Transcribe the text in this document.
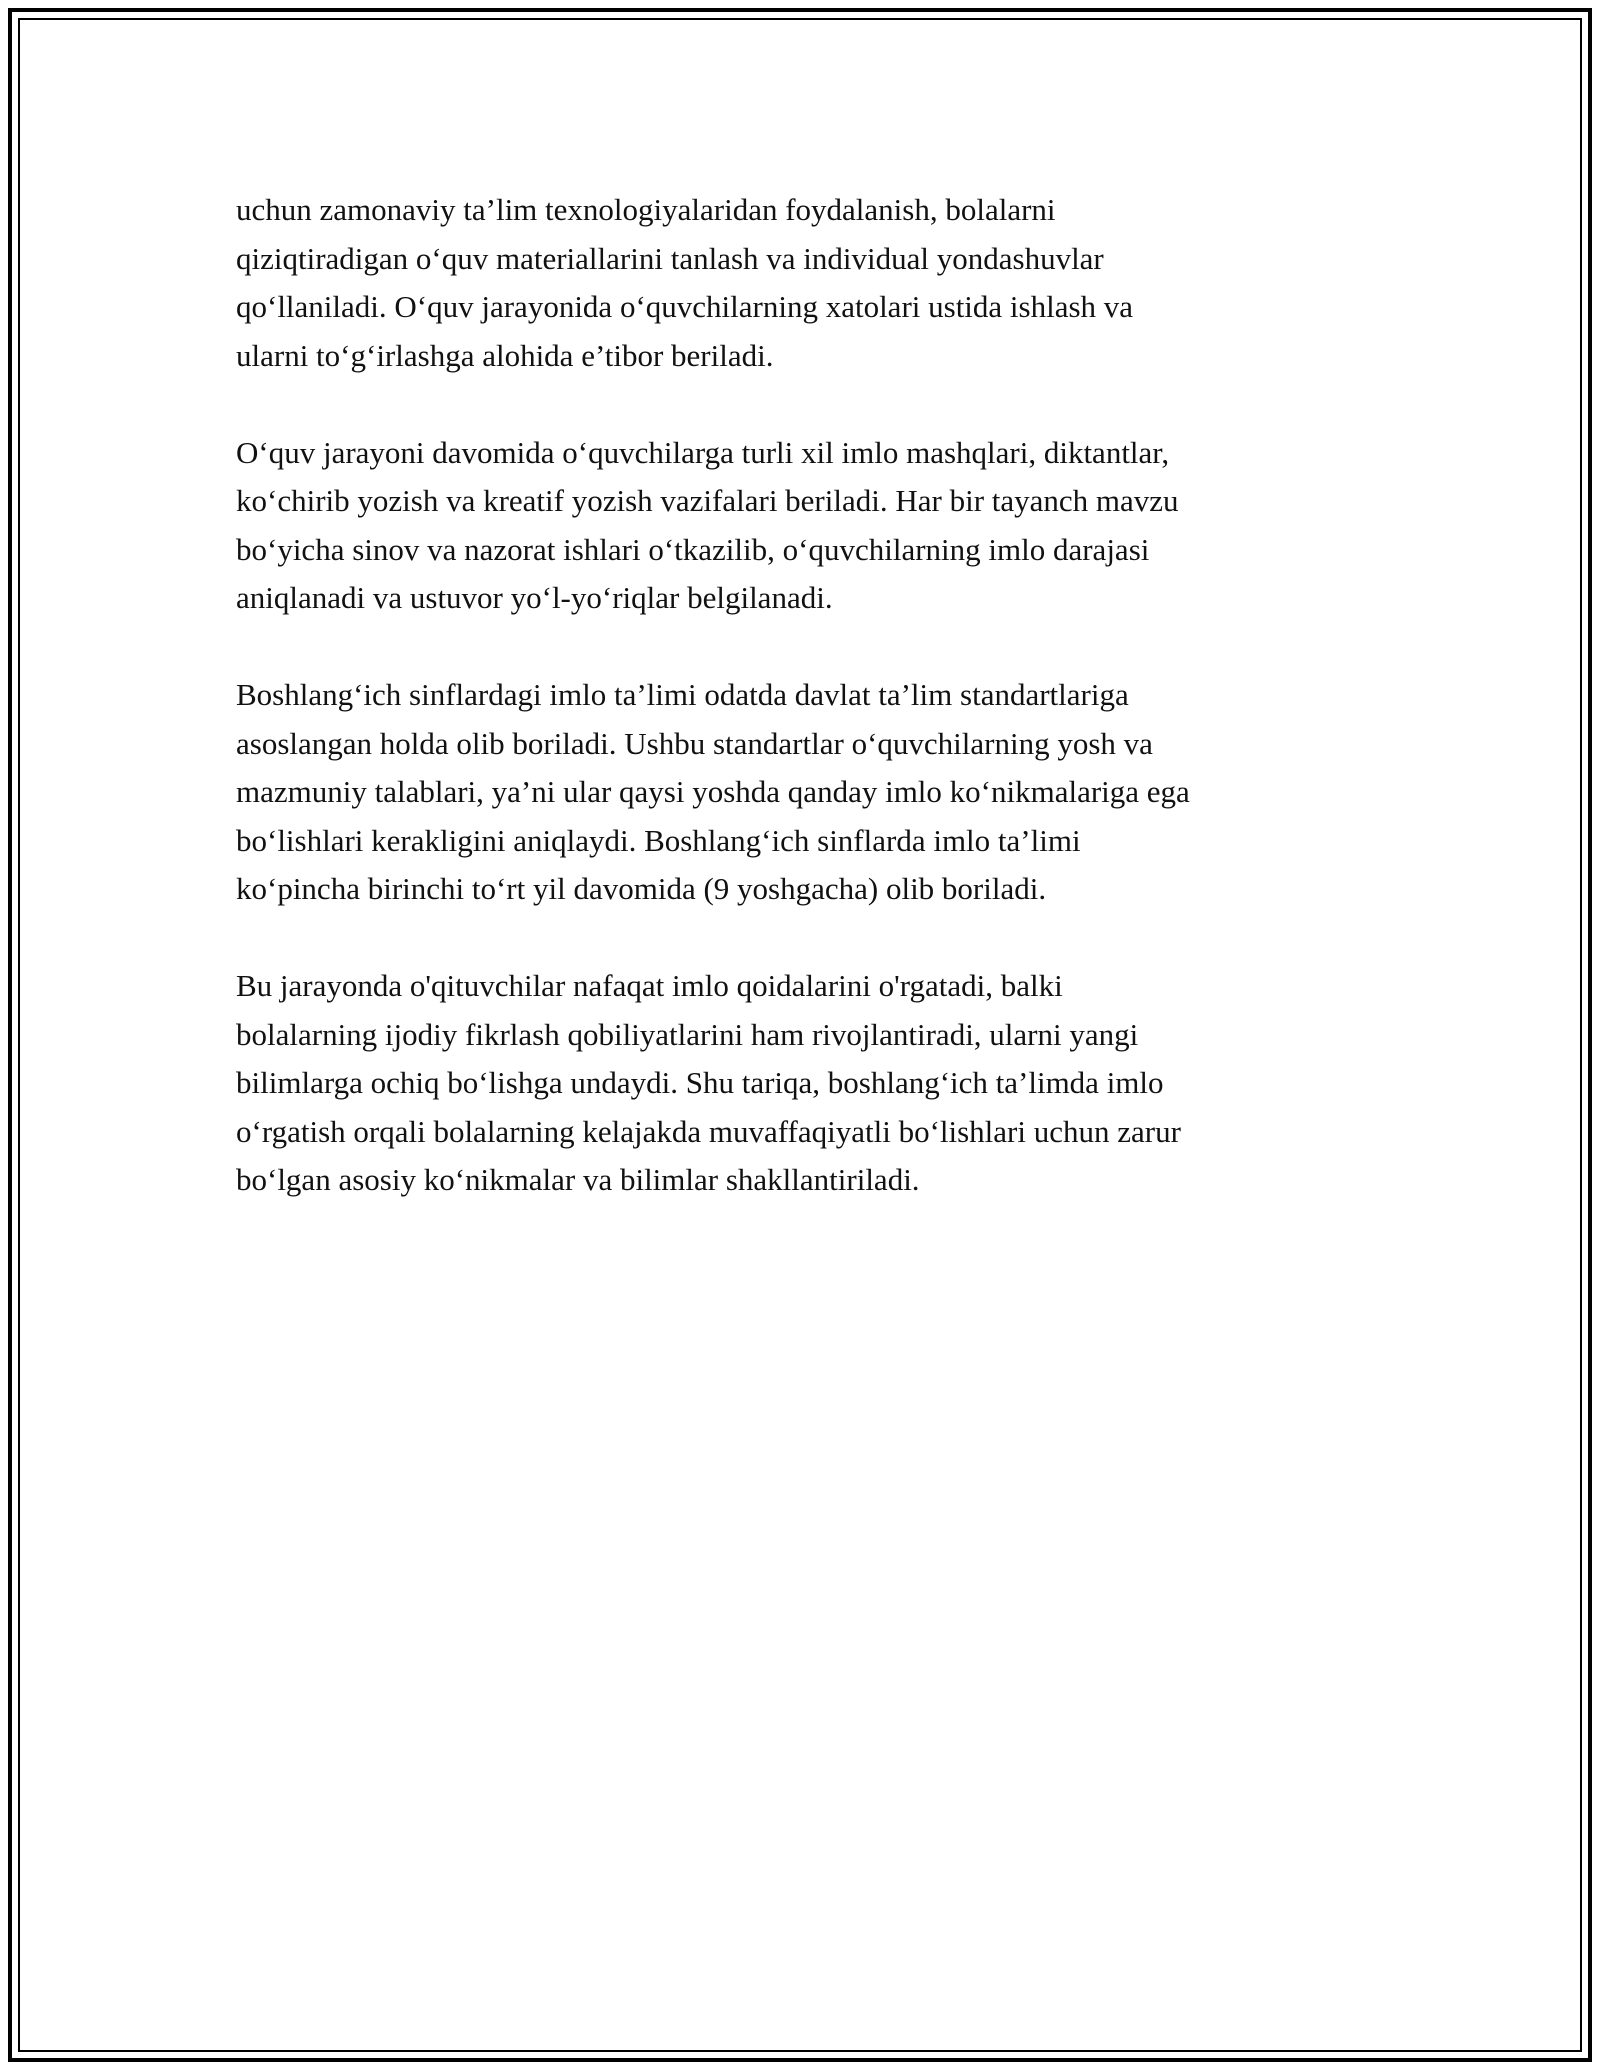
uchun zamonaviy ta’lim texnologiyalaridan foydalanish, bolalarni
qiziqtiradigan o‘quv materiallarini tanlash va individual yondashuvlar
qo‘llaniladi. O‘quv jarayonida o‘quvchilarning xatolari ustida ishlash va
ularni to‘g‘irlashga alohida e’tibor beriladi.
O‘quv jarayoni davomida o‘quvchilarga turli xil imlo mashqlari, diktantlar,
ko‘chirib yozish va kreatif yozish vazifalari beriladi. Har bir tayanch mavzu
bo‘yicha sinov va nazorat ishlari o‘tkazilib, o‘quvchilarning imlo darajasi
aniqlanadi va ustuvor yo‘l-yo‘riqlar belgilanadi.
Boshlang‘ich sinflardagi imlo ta’limi odatda davlat ta’lim standartlariga
asoslangan holda olib boriladi. Ushbu standartlar o‘quvchilarning yosh va
mazmuniy talablari, ya’ni ular qaysi yoshda qanday imlo ko‘nikmalariga ega
bo‘lishlari kerakligini aniqlaydi. Boshlang‘ich sinflarda imlo ta’limi
ko‘pincha birinchi to‘rt yil davomida (9 yoshgacha) olib boriladi.
Bu jarayonda o'qituvchilar nafaqat imlo qoidalarini o'rgatadi, balki
bolalarning ijodiy fikrlash qobiliyatlarini ham rivojlantiradi, ularni yangi
bilimlarga ochiq bo‘lishga undaydi. Shu tariqa, boshlang‘ich ta’limda imlo
o‘rgatish orqali bolalarning kelajakda muvaffaqiyatli bo‘lishlari uchun zarur
bo‘lgan asosiy ko‘nikmalar va bilimlar shakllantiriladi.
